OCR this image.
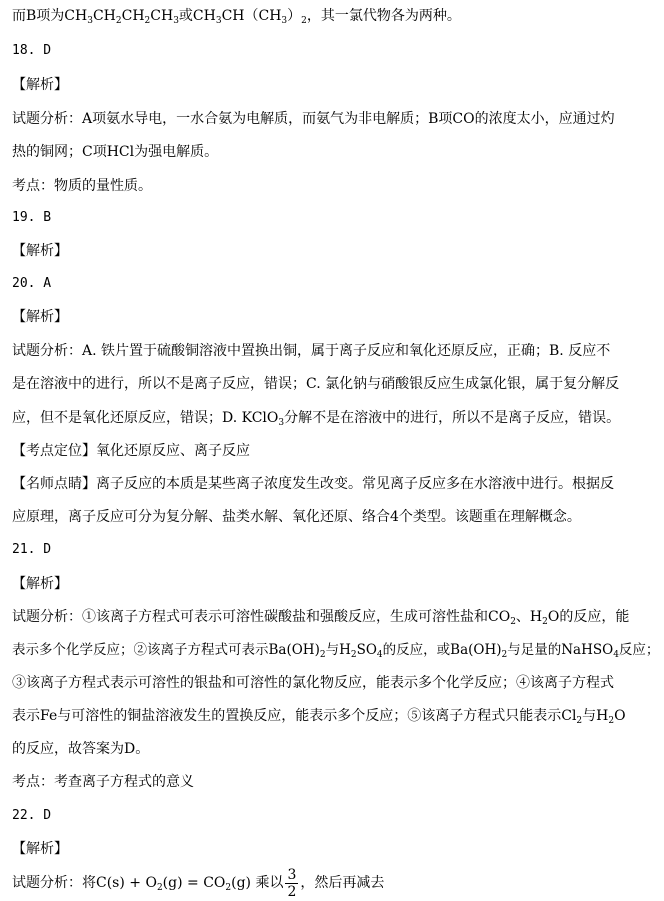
而B项为$CH_3CH_2CH_2CH_3$或$CH_3CH(CH_3)_2$，其一氯代物各为两种。
18. D
【解析】
试题分析：A项氨水导电，一水合氨为电解质，而氨气为非电解质；B项CO的浓度太小，应通过灼
热的铜网；C项HCl为强电解质。
考点：物质的量性质。
19. B
【解析】
20. A
【解析】
试题分析：A. 铁片置于硫酸铜溶液中置换出铜，属于离子反应和氧化还原反应，正确；B. 反应不
是在溶液中的进行，所以不是离子反应，错误；C. 氯化钠与硝酸银反应生成氯化银，属于复分解反
应，但不是氧化还原反应，错误；D. KClO$_3$分解不是在溶液中的进行，所以不是离子反应，错误。
【考点定位】氧化还原反应、离子反应
【名师点睛】离子反应的本质是某些离子浓度发生改变。常见离子反应多在水溶液中进行。根据反
应原理，离子反应可分为复分解、盐类水解、氧化还原、络合4个类型。该题重在理解概念。
21. D
【解析】
试题分析：①该离子方程式可表示可溶性碳酸盐和强酸反应，生成可溶性盐和$CO_2$、$H_2O$的反应，能
表示多个化学反应；②该离子方程式可表示$Ba(OH)_2$与$H_2SO_4$的反应，或$Ba(OH)_2$与足量的NaHSO$_4$反应；
③该离子方程式表示可溶性的银盐和可溶性的氯化物反应，能表示多个化学反应；④该离子方程式
表示Fe与可溶性的铜盐溶液发生的置换反应，能表示多个反应；⑤该离子方程式只能表示$Cl_2$与$H_2O$
的反应，故答案为D。
考点：考查离子方程式的意义
22. D
【解析】
试题分析：将$C(s) + O_2(g) = CO_2(g)$ 乘以 $\frac{3}{2}$ ，然后再减去
